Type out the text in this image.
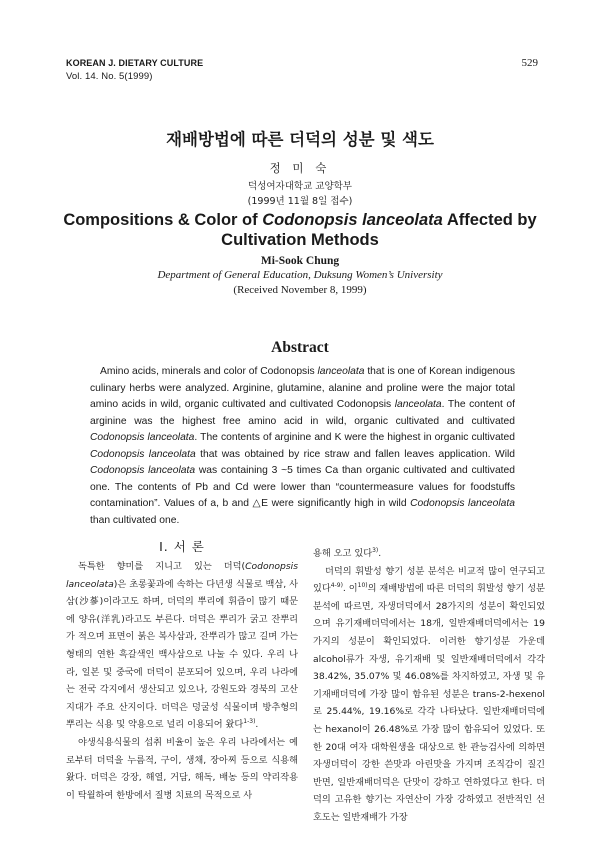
KOREAN J. DIETARY CULTURE
Vol. 14. No. 5(1999)
529
재배방법에 따른 더덕의 성분 및 색도
정 미 숙
덕성여자대학교 교양학부
(1999년 11월 8일 접수)
Compositions & Color of Codonopsis lanceolata Affected by Cultivation Methods
Mi-Sook Chung
Department of General Education, Duksung Women’s University
(Received November 8, 1999)
Abstract

Amino acids, minerals and color of Codonopsis lanceolata that is one of Korean indigenous culinary herbs were analyzed. Arginine, glutamine, alanine and proline were the major total amino acids in wild, organic cultivated and cultivated Codonopsis lanceolata. The content of arginine was the highest free amino acid in wild, organic cultivated and cultivated Codonopsis lanceolata. The contents of arginine and K were the highest in organic cultivated Codonopsis lanceolata that was obtained by rice straw and fallen leaves application. Wild Codonopsis lanceolata was containing 3 ~5 times Ca than organic cultivated and cultivated one. The contents of Pb and Cd were lower than “countermeasure values for foodstuffs contamination”. Values of a, b and △E were significantly high in wild Codonopsis lanceolata than cultivated one.

I. 서 론

독특한 향미를 지니고 있는 더덕(Codonopsis lanceolata)은 초롱꽃과에 속하는 다년생 식물로 백삼, 사삼(沙蔘)이라고도 하며, 더덕의 뿌리에 휘즙이 많기 때문에 양유(洋乳)라고도 부른다. 더덕은 뿌리가 굵고 잔뿌리가 적으며 표면이 붉은 복사삼과, 잔뿌리가 많고 길며 가는 형태의 연한 흑갈색인 백사삼으로 나눌 수 있다. 우리 나라, 일본 및 중국에 더덕이 분포되어 있으며, 우리 나라에는 전국 각지에서 생산되고 있으나, 강원도와 경북의 고산지대가 주요 산지이다. 더덕은 덩굴성 식물이며 방추형의 뿌리는 식용 및 약용으로 널리 이용되어 왔다$^{1-3)}$.

야생식용식물의 섭취 비율이 높은 우리 나라에서는 예로부터 더덕을 누름적, 구이, 생채, 장아찌 등으로 식용해왔다. 더덕은 강장, 해열, 거담, 해독, 배농 등의 약리작용이 탁월하여 한방에서 질병 치료의 목적으로 사

용해 오고 있다$^{3)}$.

더덕의 휘발성 향기 성분 분석은 비교적 많이 연구되고 있다$^{4-9)}$. 이$^{10)}$의 재배방법에 따른 더덕의 휘발성 향기 성분 분석에 따르면, 자생더덕에서 28가지의 성분이 확인되었으며 유기재배더덕에서는 18개, 일반재배더덕에서는 19가지의 성분이 확인되었다. 이러한 향기성분 가운데 alcohol류가 자생, 유기재배 및 일반재배더덕에서 각각 38.42%, 35.07% 및 46.08%를 차지하였고, 자생 및 유기재배더덕에 가장 많이 함유된 성분은 trans-2-hexenol로 25.44%, 19.16%로 각각 나타났다. 일반재배더덕에는 hexanol이 26.48%로 가장 많이 함유되어 있었다. 또한 20대 여자 대학원생을 대상으로 한 관능검사에 의하면 자생더덕이 강한 쓴맛과 아린맛을 가지며 조직감이 질긴 반면, 일반재배더덕은 단맛이 강하고 연하였다고 한다. 더덕의 고유한 향기는 자연산이 가장 강하였고 전반적인 선호도는 일반재배가 가장
